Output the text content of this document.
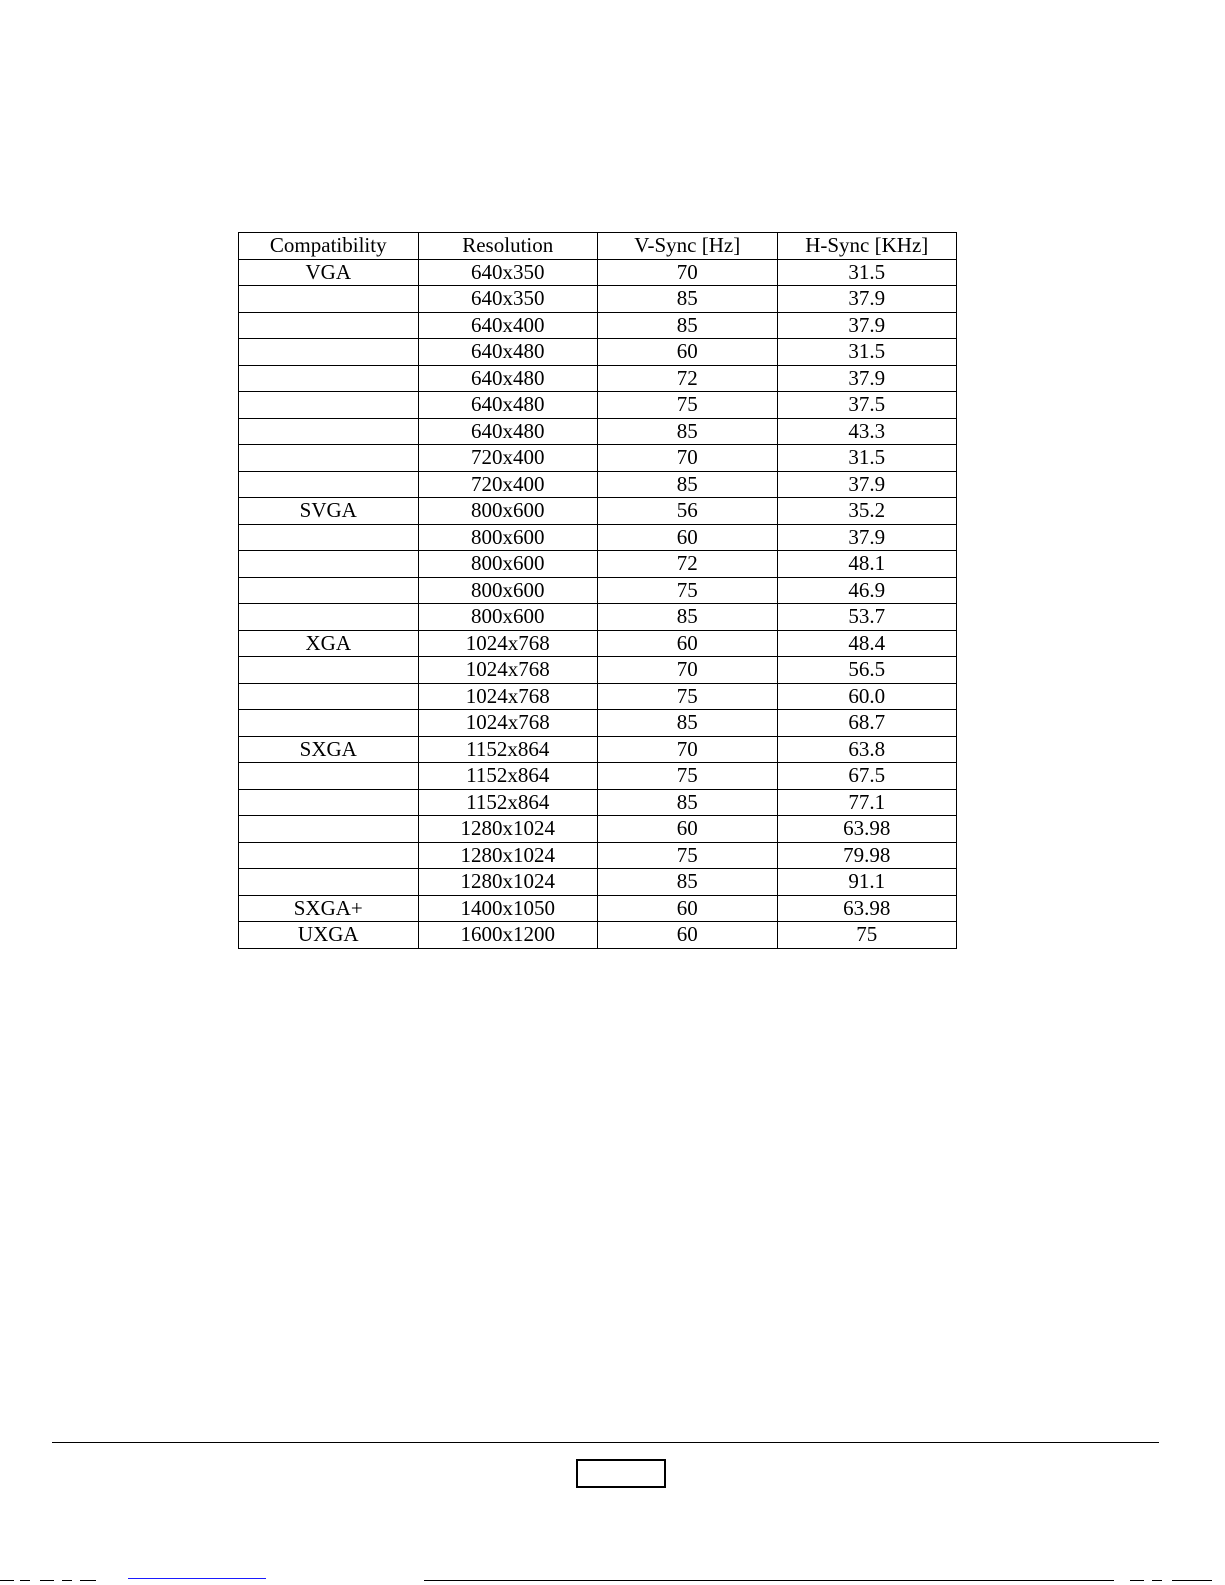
Compatibility	Resolution	V-Sync [Hz]	H-Sync [KHz]
VGA	640x350	70	31.5
	640x350	85	37.9
	640x400	85	37.9
	640x480	60	31.5
	640x480	72	37.9
	640x480	75	37.5
	640x480	85	43.3
	720x400	70	31.5
	720x400	85	37.9
SVGA	800x600	56	35.2
	800x600	60	37.9
	800x600	72	48.1
	800x600	75	46.9
	800x600	85	53.7
XGA	1024x768	60	48.4
	1024x768	70	56.5
	1024x768	75	60.0
	1024x768	85	68.7
SXGA	1152x864	70	63.8
	1152x864	75	67.5
	1152x864	85	77.1
	1280x1024	60	63.98
	1280x1024	75	79.98
	1280x1024	85	91.1
SXGA+	1400x1050	60	63.98
UXGA	1600x1200	60	75
